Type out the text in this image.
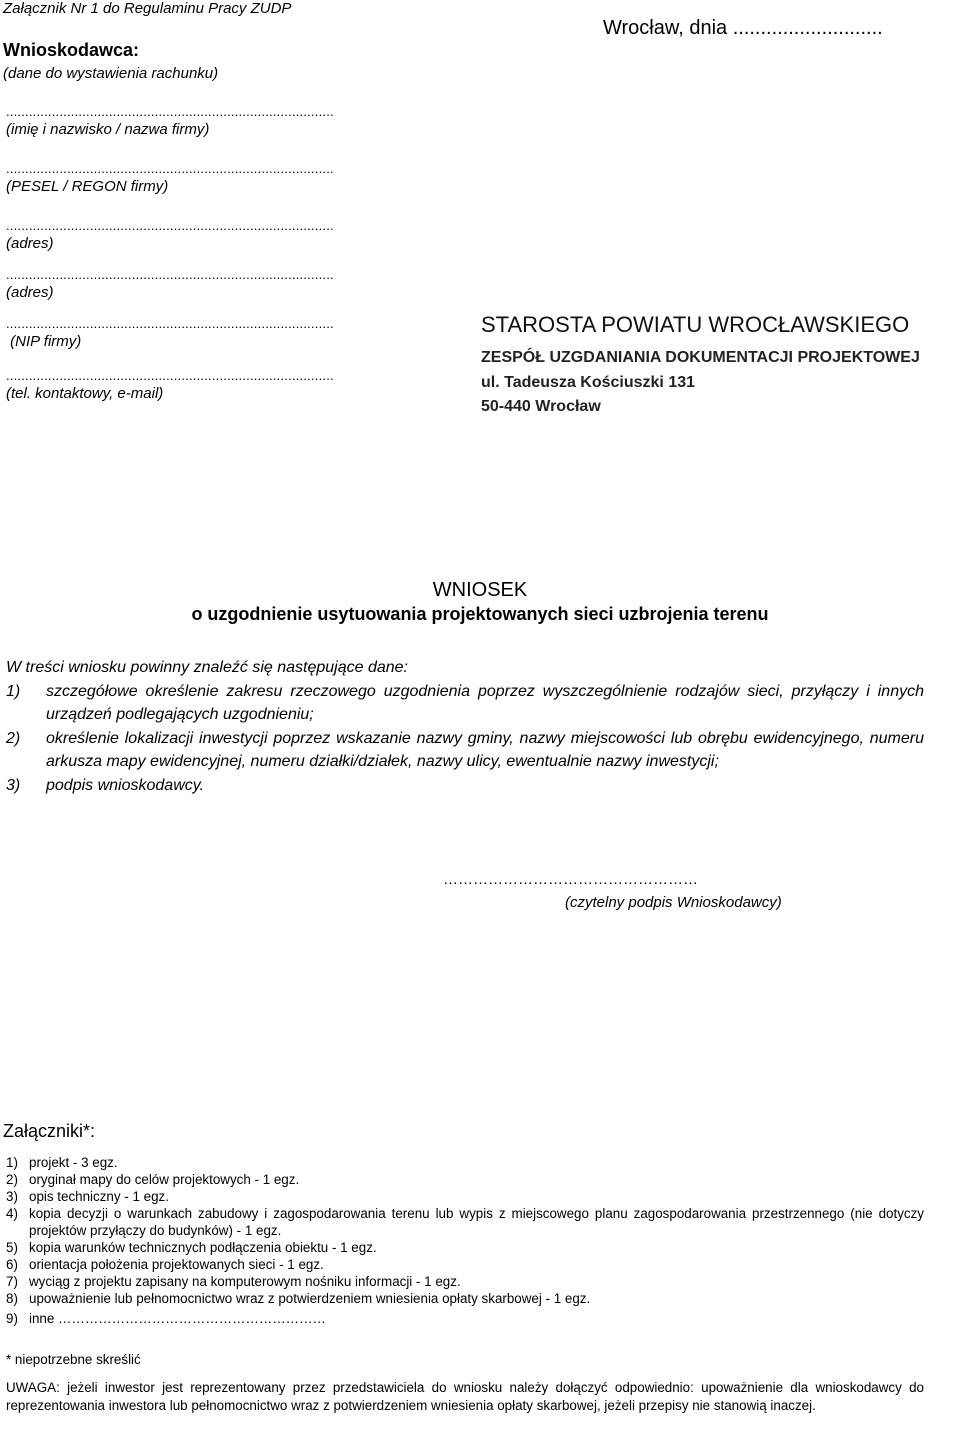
Załącznik Nr 1 do Regulaminu Pracy ZUDP
Wnioskodawca:
(dane do wystawienia rachunku)
Wrocław, dnia ...........................
......................................................................................
(imię i nazwisko / nazwa firmy)
......................................................................................
(PESEL / REGON firmy)
......................................................................................
(adres)
......................................................................................
(adres)
......................................................................................
(NIP firmy)
......................................................................................
(tel. kontaktowy, e-mail)
STAROSTA POWIATU WROCŁAWSKIEGO
ZESPÓŁ UZGDANIANIA DOKUMENTACJI PROJEKTOWEJ
ul. Tadeusza Kościuszki 131
50-440 Wrocław
WNIOSEK
o uzgodnienie usytuowania projektowanych sieci uzbrojenia terenu
W treści wniosku powinny znaleźć się następujące dane:
1)	szczegółowe określenie zakresu rzeczowego uzgodnienia poprzez wyszczególnienie rodzajów sieci, przyłączy i innych urządzeń podlegających uzgodnieniu;
2)	określenie lokalizacji inwestycji poprzez wskazanie nazwy gminy, nazwy miejscowości lub obrębu ewidencyjnego, numeru arkusza mapy ewidencyjnej, numeru działki/działek, nazwy ulicy, ewentualnie nazwy inwestycji;
3)	podpis wnioskodawcy.
……………………………………………
(czytelny podpis Wnioskodawcy)
Załączniki*:
1) projekt - 3 egz.
2) oryginał mapy do celów projektowych - 1 egz.
3) opis techniczny - 1 egz.
4) kopia decyzji o warunkach zabudowy i zagospodarowania terenu lub wypis z miejscowego planu zagospodarowania przestrzennego (nie dotyczy projektów przyłączy do budynków) - 1 egz.
5) kopia warunków technicznych podłączenia obiektu - 1 egz.
6) orientacja położenia projektowanych sieci - 1 egz.
7) wyciąg z projektu zapisany na komputerowym nośniku informacji - 1 egz.
8) upoważnienie lub pełnomocnictwo wraz z potwierdzeniem wniesienia opłaty skarbowej - 1 egz.
9) inne ……………………………………………………
* niepotrzebne skreślić
UWAGA: jeżeli inwestor jest reprezentowany przez przedstawiciela do wniosku należy dołączyć odpowiednio: upoważnienie dla wnioskodawcy do reprezentowania inwestora lub pełnomocnictwo wraz z potwierdzeniem wniesienia opłaty skarbowej, jeżeli przepisy nie stanowią inaczej.
